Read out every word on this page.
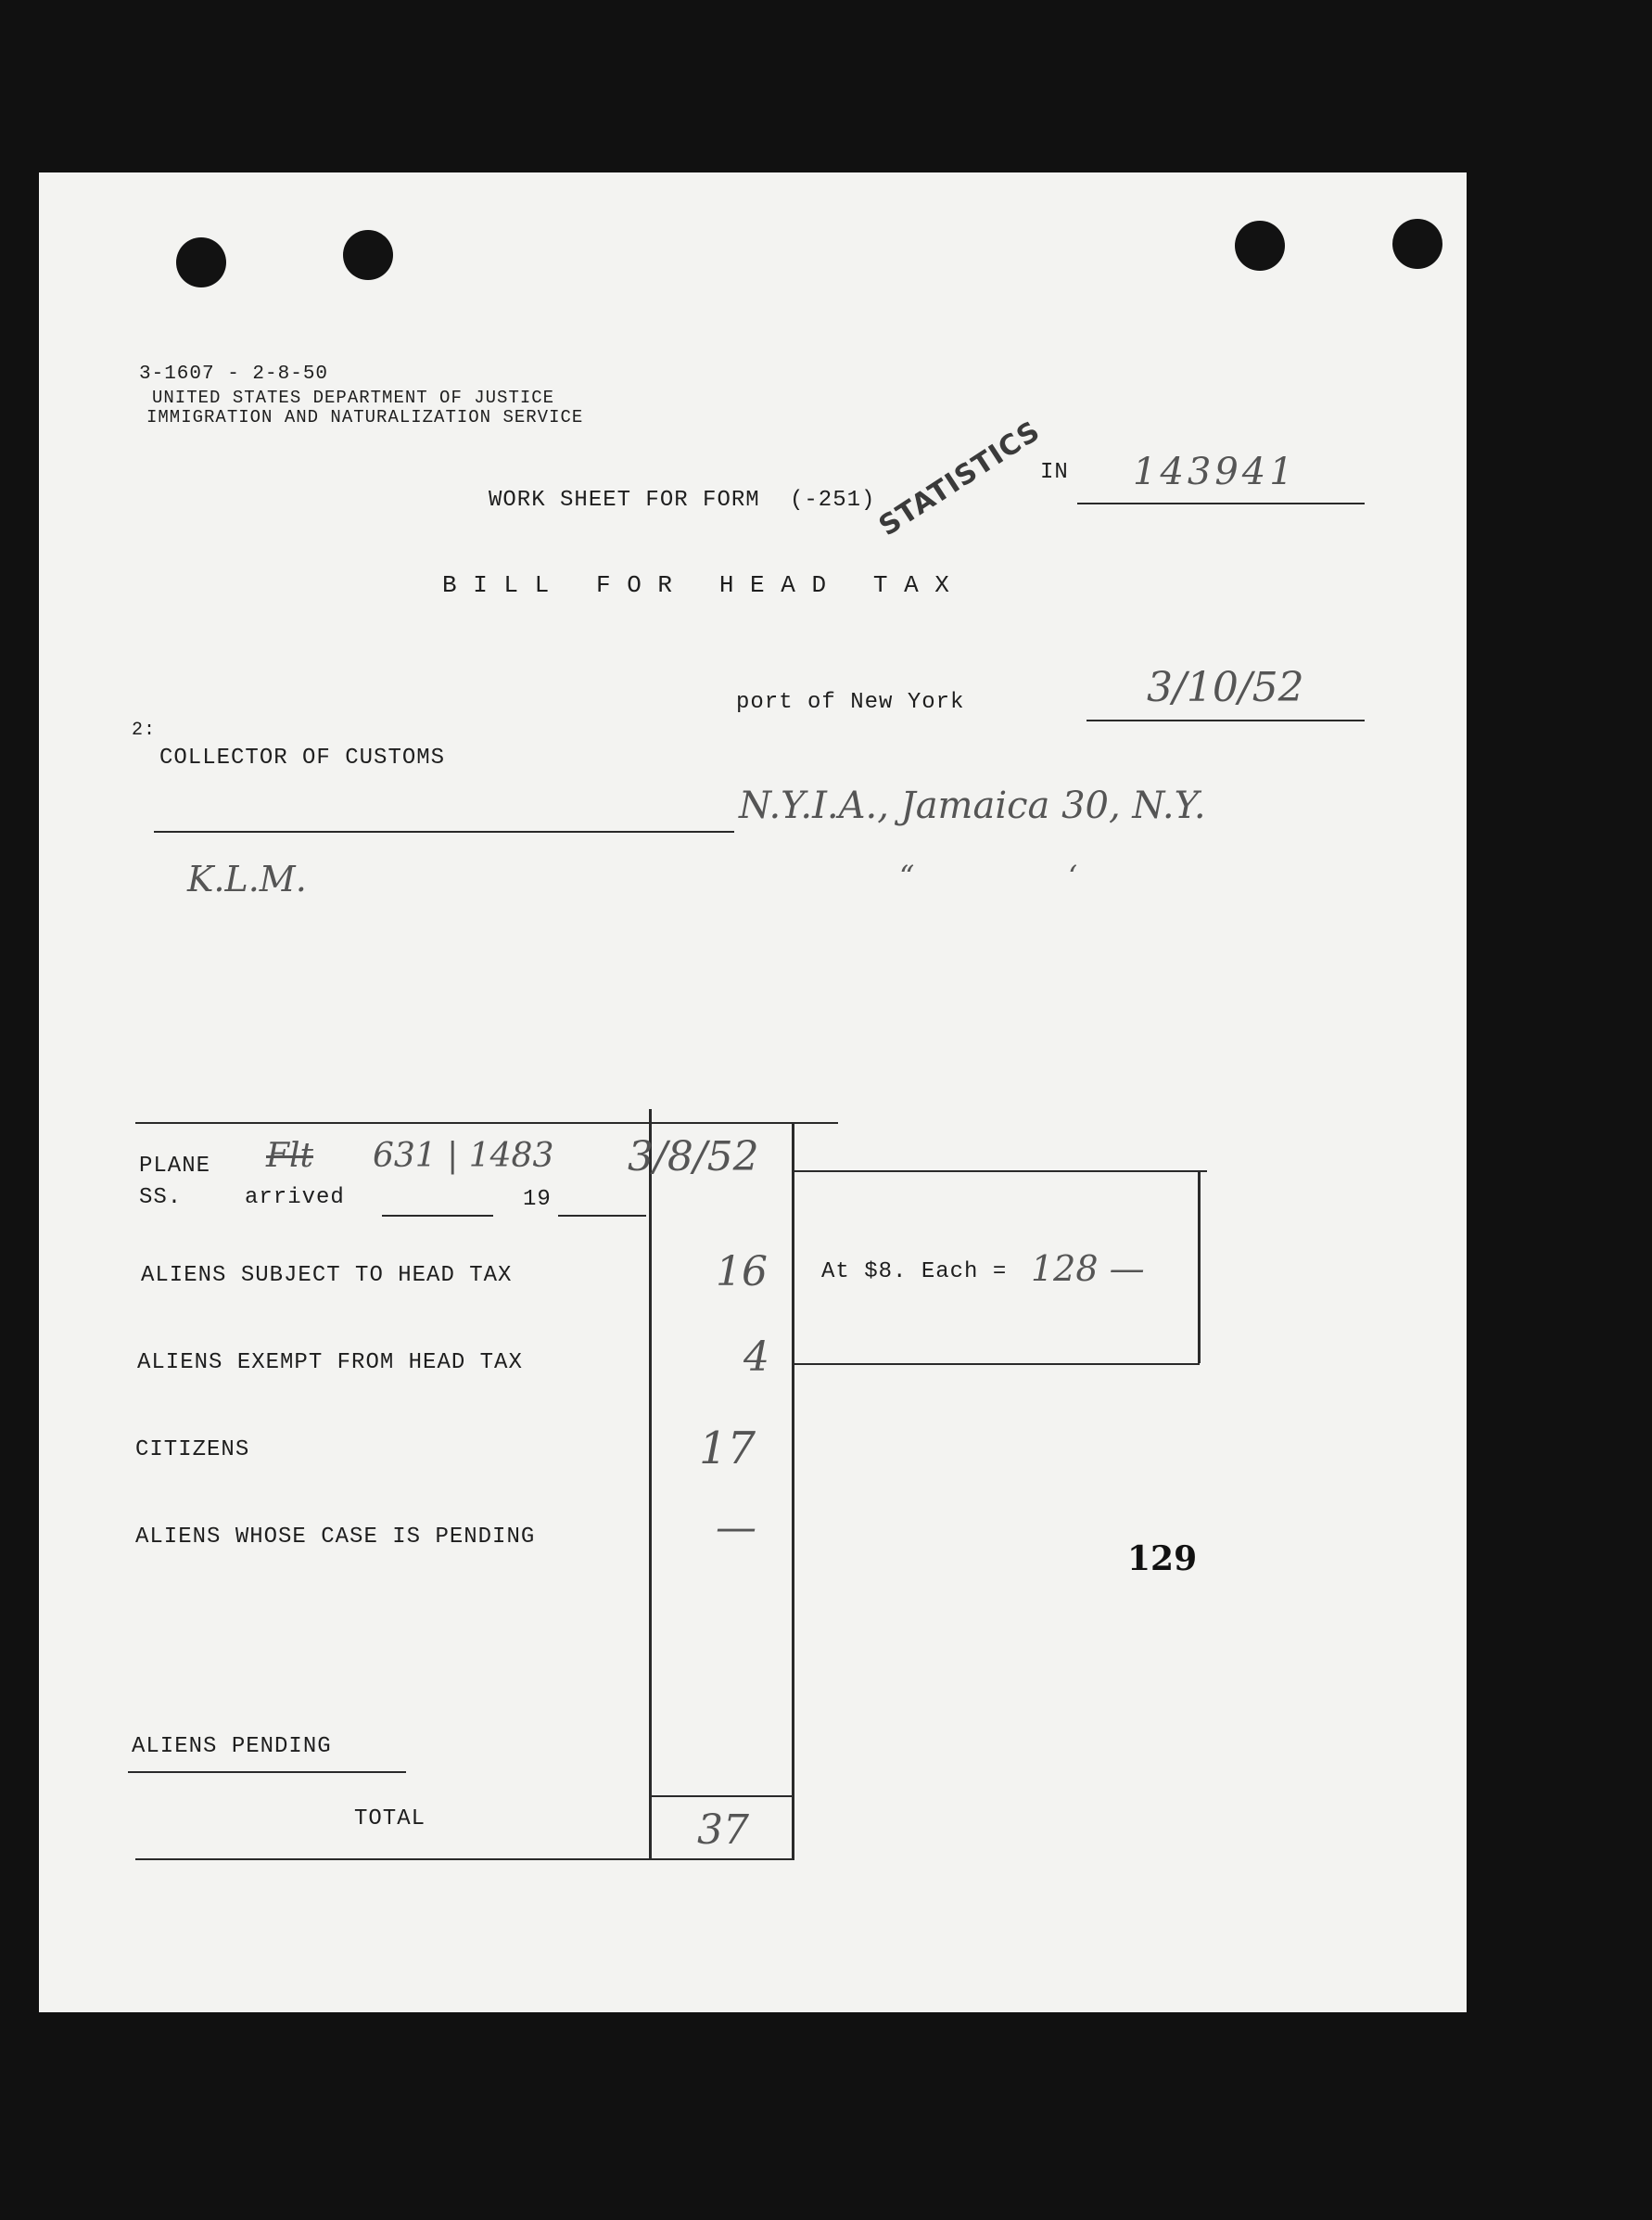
3-1607 - 2-8-50
UNITED STATES DEPARTMENT OF JUSTICE
IMMIGRATION AND NATURALIZATION SERVICE
WORK SHEET FOR FORM (-251)
STATISTICS
IN 143941
B I L L   F O R   H E A D   T A X
port of New York	3/10/52
2:
COLLECTOR OF CUSTOMS
N.Y.I.A., Jamaica 30, N.Y.
“	‘
K.L.M.
PLANE
SS.
Flt 631 | 1483 3/8/52
arrived	19
ALIENS SUBJECT TO HEAD TAX	16
ALIENS EXEMPT FROM HEAD TAX	4
CITIZENS	17
ALIENS WHOSE CASE IS PENDING	—
TOTAL	37
At $8. Each = 128 —
129
ALIENS PENDING
